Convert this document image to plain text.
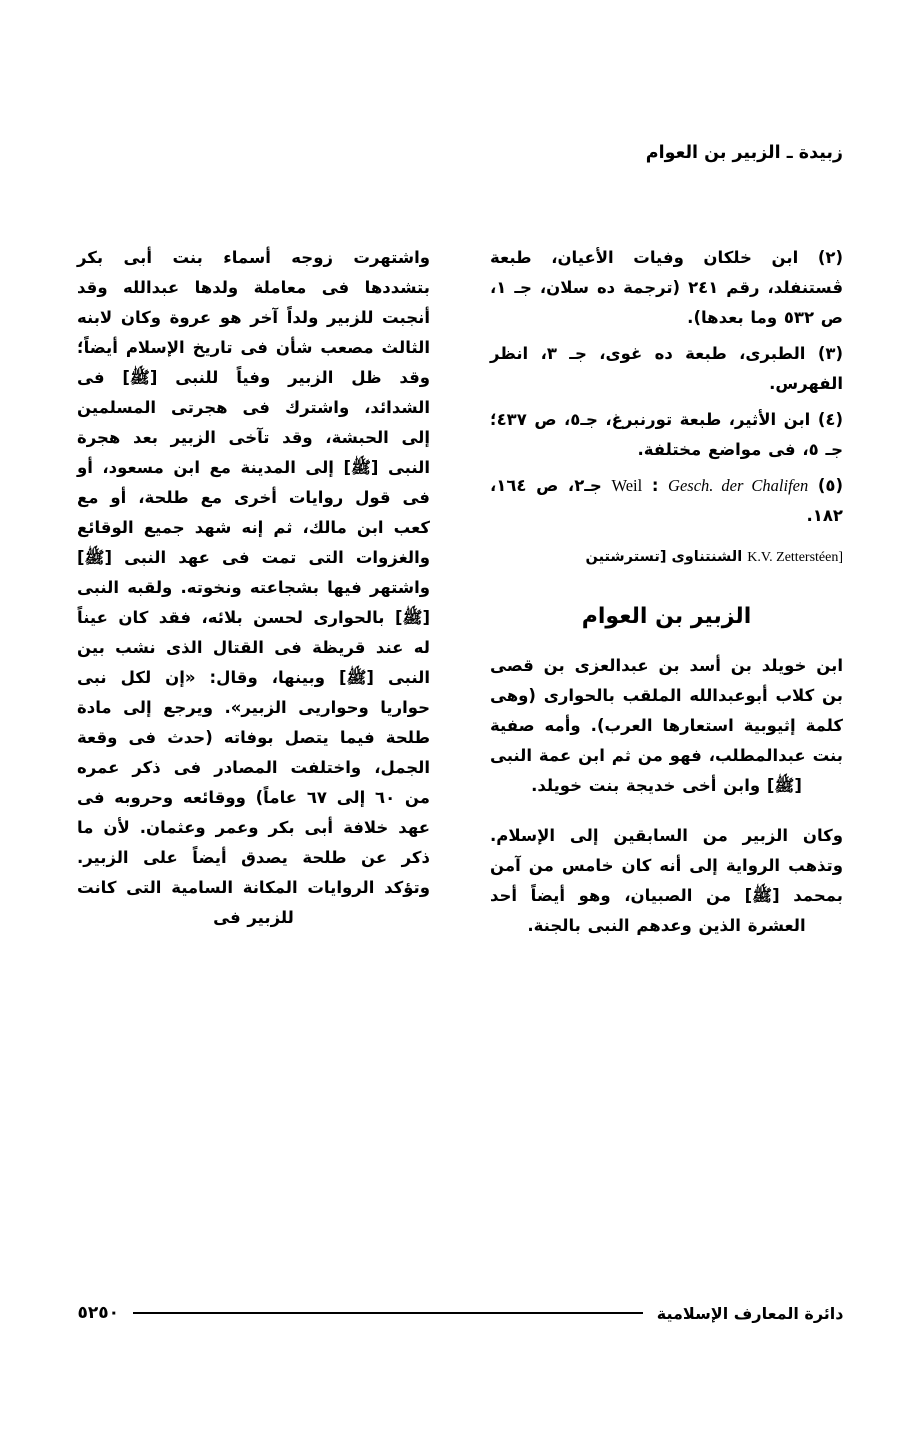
زبيدة ـ الزبير بن العوام

(٢) ابن خلكان وفيات الأعيان، طبعة ڤستنفلد، رقم ٢٤١ (ترجمة ده سلان، جـ ١، ص ٥٣٢ وما بعدها).

(٣) الطبرى، طبعة ده غوى، جـ ٣، انظر الفهرس.

(٤) ابن الأثير، طبعة تورنبرغ، جـ٥، ص ٤٣٧؛ جـ ٥، فى مواضع مختلفة.

(٥) Weil : Gesch. der Chalifen جـ٢، ص ١٦٤، ١٨٢.

K.V. Zetterstéen] الشنتناوى [تسترشتين
الزبير بن العوام

ابن خويلد بن أسد بن عبدالعزى بن قصى بن كلاب أبوعبدالله الملقب بالحوارى (وهى كلمة إثيوبية استعارها العرب). وأمه صفية بنت عبدالمطلب، فهو من ثم ابن عمة النبى [ﷺ] وابن أخى خديجة بنت خويلد.

وكان الزبير من السابقين إلى الإسلام. وتذهب الرواية إلى أنه كان خامس من آمن بمحمد [ﷺ] من الصبيان، وهو أيضاً أحد العشرة الذين وعدهم النبى بالجنة.

واشتهرت زوجه أسماء بنت أبى بكر بتشددها فى معاملة ولدها عبدالله وقد أنجبت للزبير ولداً آخر هو عروة وكان لابنه الثالث مصعب شأن فى تاريخ الإسلام أيضاً؛ وقد ظل الزبير وفياً للنبى [ﷺ] فى الشدائد، واشترك فى هجرتى المسلمين إلى الحبشة، وقد تآخى الزبير بعد هجرة النبى [ﷺ] إلى المدينة مع ابن مسعود، أو فى قول روايات أخرى مع طلحة، أو مع كعب ابن مالك، ثم إنه شهد جميع الوقائع والغزوات التى تمت فى عهد النبى [ﷺ] واشتهر فيها بشجاعته ونخوته. ولقبه النبى [ﷺ] بالحوارى لحسن بلائه، فقد كان عيناً له عند قريظة فى القتال الذى نشب بين النبى [ﷺ] وبينها، وقال: «إن لكل نبى حواريا وحواريى الزبير». ويرجع إلى مادة طلحة فيما يتصل بوفاته (حدث فى وقعة الجمل، واختلفت المصادر فى ذكر عمره من ٦٠ إلى ٦٧ عاماً) ووقائعه وحروبه فى عهد خلافة أبى بكر وعمر وعثمان. لأن ما ذكر عن طلحة يصدق أيضاً على الزبير. وتؤكد الروايات المكانة السامية التى كانت للزبير فى

دائرة المعارف الإسلامية
٥٢٥٠
